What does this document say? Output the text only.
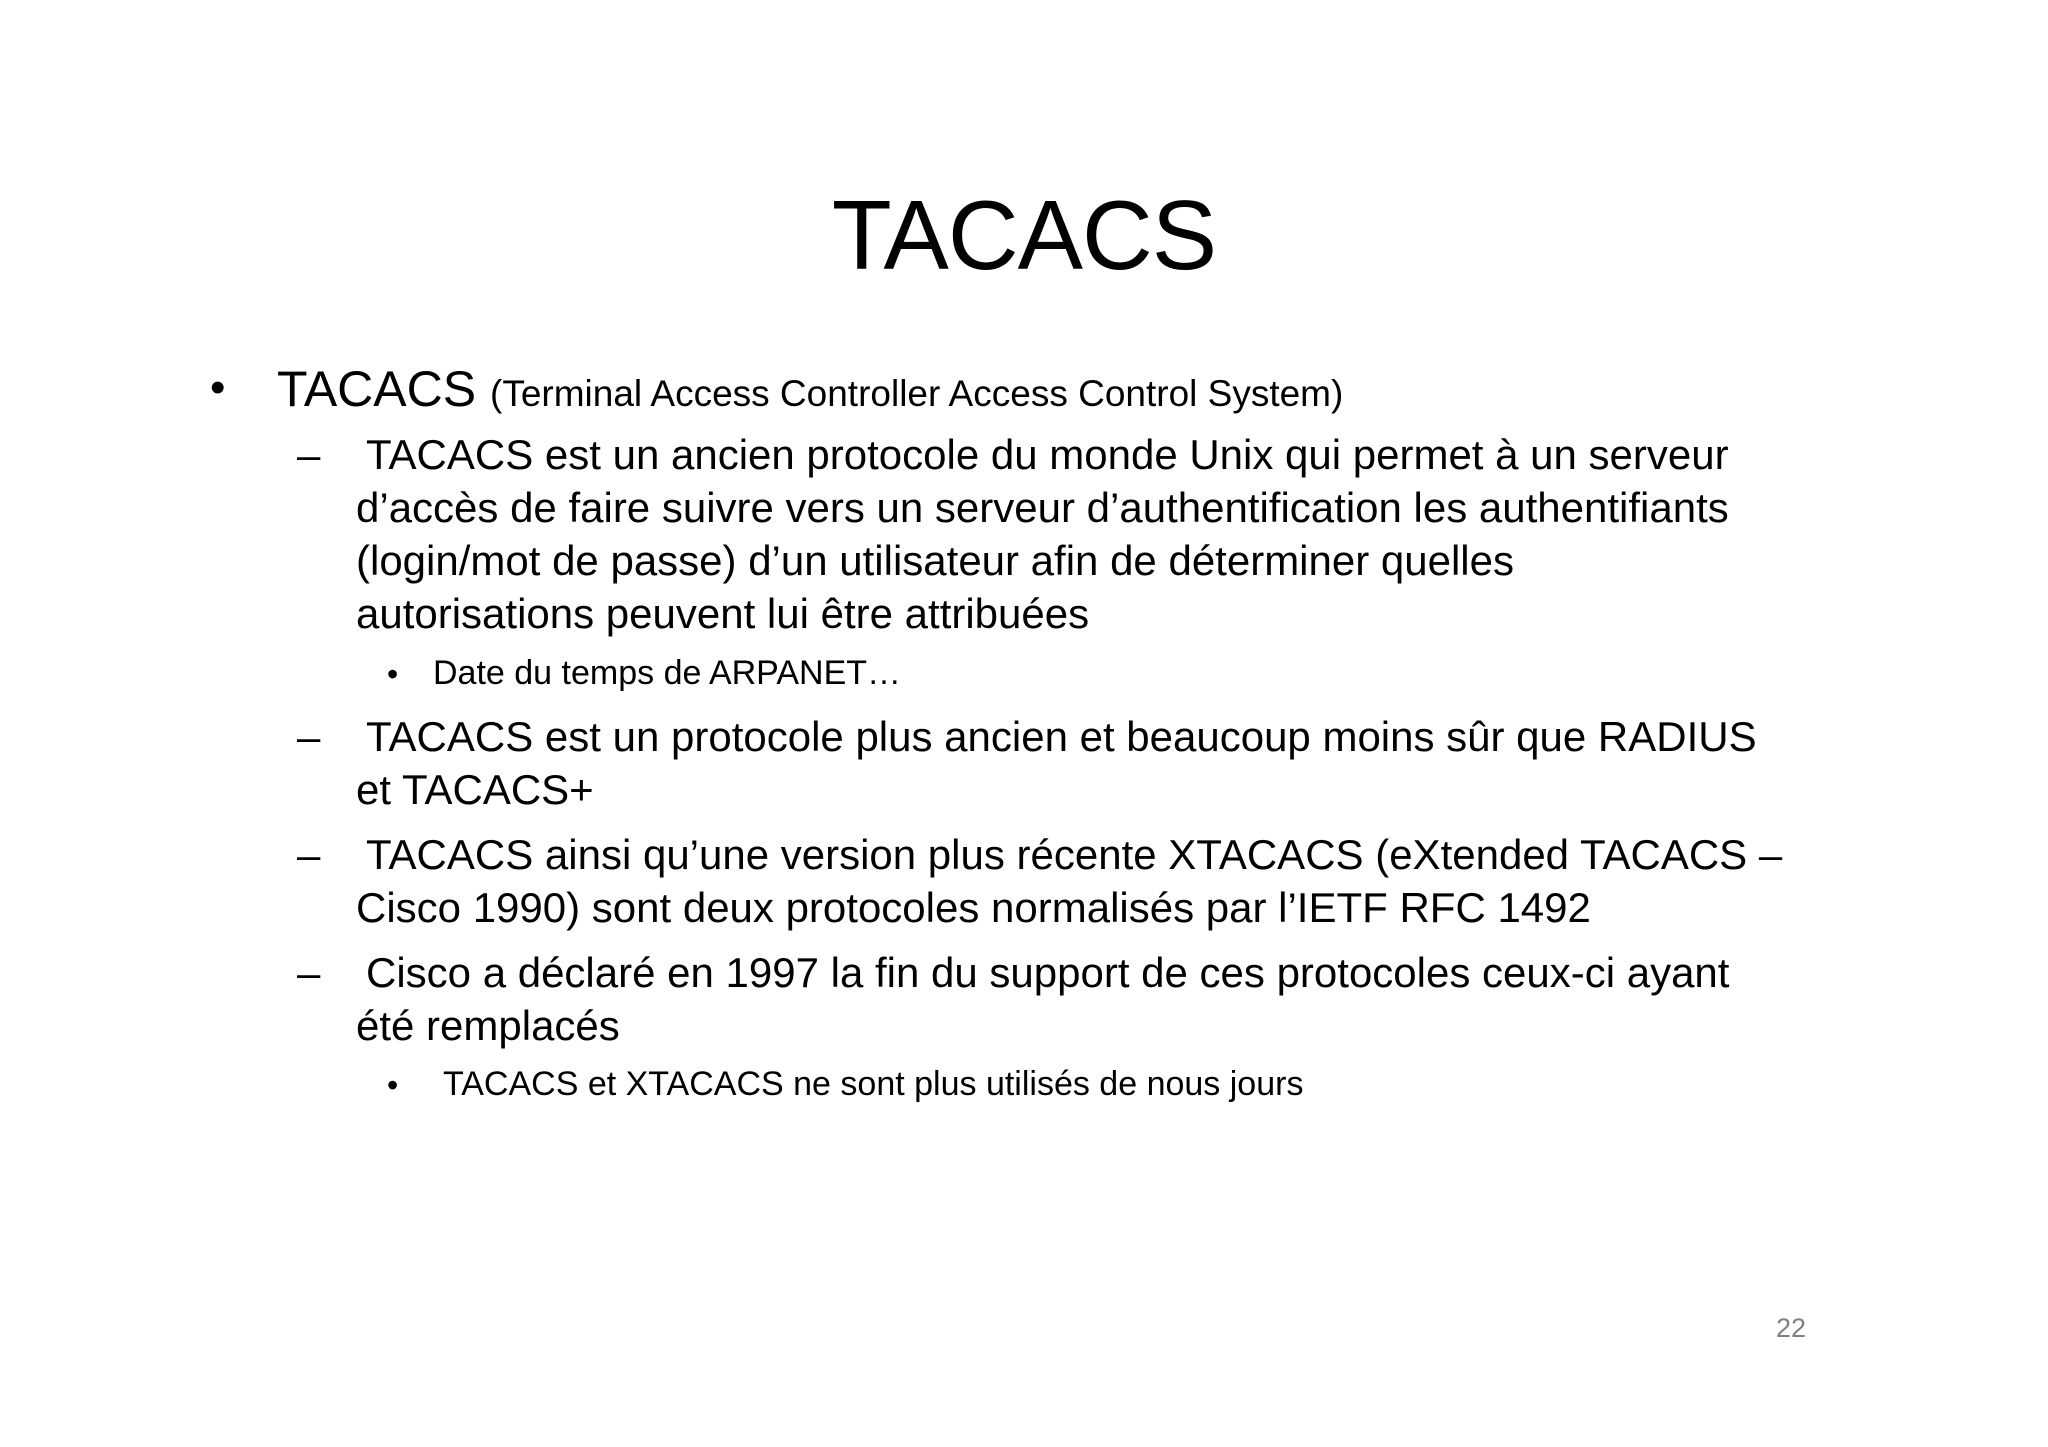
TACACS
• TACACS (Terminal Access Controller Access Control System)
– TACACS est un ancien protocole du monde Unix qui permet à un serveur
d’accès de faire suivre vers un serveur d’authentification les authentifiants
(login/mot de passe) d’un utilisateur afin de déterminer quelles
autorisations peuvent lui être attribuées
• Date du temps de ARPANET…
– TACACS est un protocole plus ancien et beaucoup moins sûr que RADIUS
et TACACS+
– TACACS ainsi qu’une version plus récente XTACACS (eXtended TACACS –
Cisco 1990) sont deux protocoles normalisés par l’IETF RFC 1492
– Cisco a déclaré en 1997 la fin du support de ces protocoles ceux-ci ayant
été remplacés
• TACACS et XTACACS ne sont plus utilisés de nous jours
22
